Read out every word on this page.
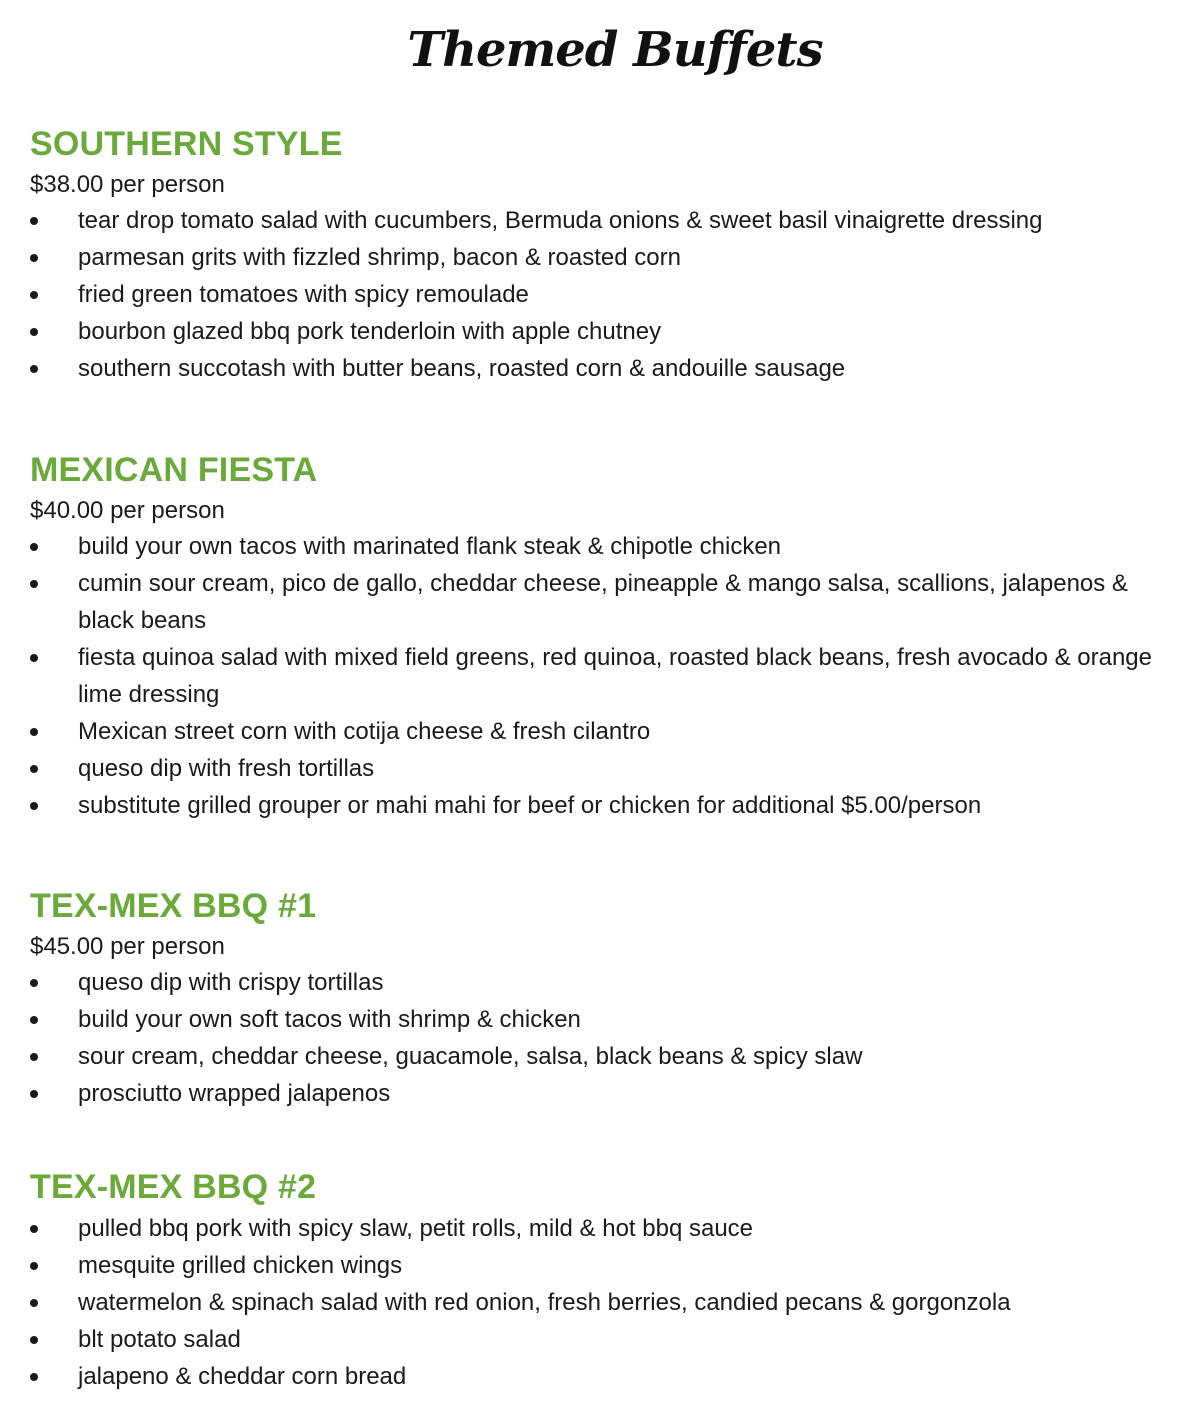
Themed Buffets
SOUTHERN STYLE

$38.00 per person

tear drop tomato salad with cucumbers, Bermuda onions & sweet basil vinaigrette dressing
parmesan grits with fizzled shrimp, bacon & roasted corn
fried green tomatoes with spicy remoulade
bourbon glazed bbq pork tenderloin with apple chutney
southern succotash with butter beans, roasted corn & andouille sausage
MEXICAN FIESTA

$40.00 per person

build your own tacos with marinated flank steak & chipotle chicken
cumin sour cream, pico de gallo, cheddar cheese, pineapple & mango salsa, scallions, jalapenos & black beans
fiesta quinoa salad with mixed field greens, red quinoa, roasted black beans, fresh avocado & orange lime dressing
Mexican street corn with cotija cheese & fresh cilantro
queso dip with fresh tortillas
substitute grilled grouper or mahi mahi for beef or chicken for additional $5.00/person
TEX-MEX BBQ #1

$45.00 per person

queso dip with crispy tortillas
build your own soft tacos with shrimp & chicken
sour cream, cheddar cheese, guacamole, salsa, black beans & spicy slaw
prosciutto wrapped jalapenos
TEX-MEX BBQ #2
pulled bbq pork with spicy slaw, petit rolls, mild & hot bbq sauce
mesquite grilled chicken wings
watermelon & spinach salad with red onion, fresh berries, candied pecans & gorgonzola
blt potato salad
jalapeno & cheddar corn bread
